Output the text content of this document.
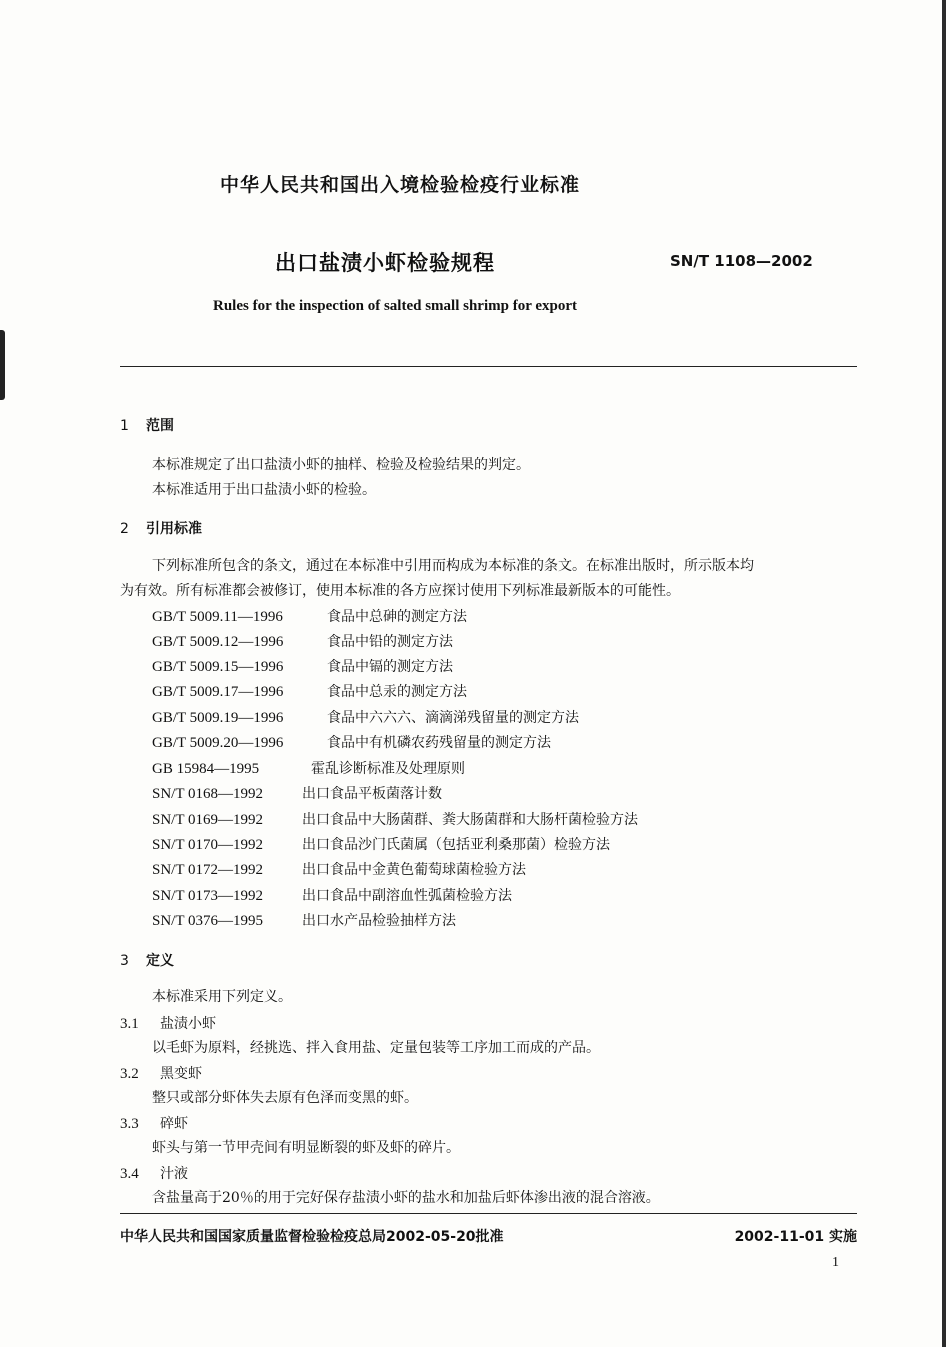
中华人民共和国出入境检验检疫行业标准
出口盐渍小虾检验规程	SN/T 1108—2002
Rules for the inspection of salted small shrimp for export
1 范围
本标准规定了出口盐渍小虾的抽样、检验及检验结果的判定。
本标准适用于出口盐渍小虾的检验。
2 引用标准
下列标准所包含的条文，通过在本标准中引用而构成为本标准的条文。在标准出版时，所示版本均
为有效。所有标准都会被修订，使用本标准的各方应探讨使用下列标准最新版本的可能性。
GB/T 5009.11—1996	食品中总砷的测定方法
GB/T 5009.12—1996	食品中铅的测定方法
GB/T 5009.15—1996	食品中镉的测定方法
GB/T 5009.17—1996	食品中总汞的测定方法
GB/T 5009.19—1996	食品中六六六、滴滴涕残留量的测定方法
GB/T 5009.20—1996	食品中有机磷农药残留量的测定方法
GB 15984—1995	霍乱诊断标准及处理原则
SN/T 0168—1992	出口食品平板菌落计数
SN/T 0169—1992	出口食品中大肠菌群、粪大肠菌群和大肠杆菌检验方法
SN/T 0170—1992	出口食品沙门氏菌属（包括亚利桑那菌）检验方法
SN/T 0172—1992	出口食品中金黄色葡萄球菌检验方法
SN/T 0173—1992	出口食品中副溶血性弧菌检验方法
SN/T 0376—1995	出口水产品检验抽样方法
3 定义
本标准采用下列定义。
3.1 盐渍小虾
以毛虾为原料，经挑选、拌入食用盐、定量包装等工序加工而成的产品。
3.2 黑变虾
整只或部分虾体失去原有色泽而变黑的虾。
3.3 碎虾
虾头与第一节甲壳间有明显断裂的虾及虾的碎片。
3.4 汁液
含盐量高于20％的用于完好保存盐渍小虾的盐水和加盐后虾体渗出液的混合溶液。
中华人民共和国国家质量监督检验检疫总局2002-05-20批准	2002-11-01 实施
1
